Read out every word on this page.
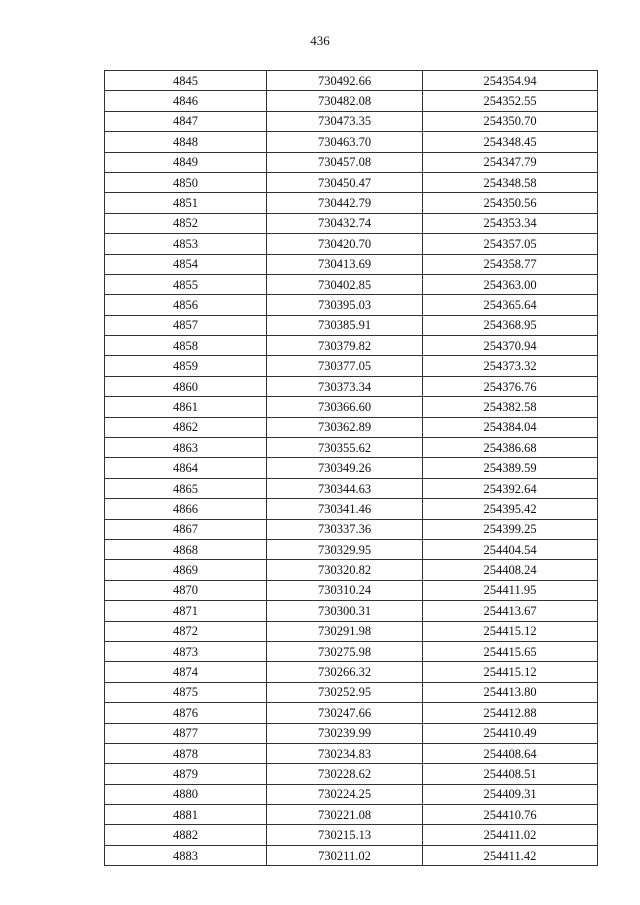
436
4845	730492.66	254354.94
4846	730482.08	254352.55
4847	730473.35	254350.70
4848	730463.70	254348.45
4849	730457.08	254347.79
4850	730450.47	254348.58
4851	730442.79	254350.56
4852	730432.74	254353.34
4853	730420.70	254357.05
4854	730413.69	254358.77
4855	730402.85	254363.00
4856	730395.03	254365.64
4857	730385.91	254368.95
4858	730379.82	254370.94
4859	730377.05	254373.32
4860	730373.34	254376.76
4861	730366.60	254382.58
4862	730362.89	254384.04
4863	730355.62	254386.68
4864	730349.26	254389.59
4865	730344.63	254392.64
4866	730341.46	254395.42
4867	730337.36	254399.25
4868	730329.95	254404.54
4869	730320.82	254408.24
4870	730310.24	254411.95
4871	730300.31	254413.67
4872	730291.98	254415.12
4873	730275.98	254415.65
4874	730266.32	254415.12
4875	730252.95	254413.80
4876	730247.66	254412.88
4877	730239.99	254410.49
4878	730234.83	254408.64
4879	730228.62	254408.51
4880	730224.25	254409.31
4881	730221.08	254410.76
4882	730215.13	254411.02
4883	730211.02	254411.42
